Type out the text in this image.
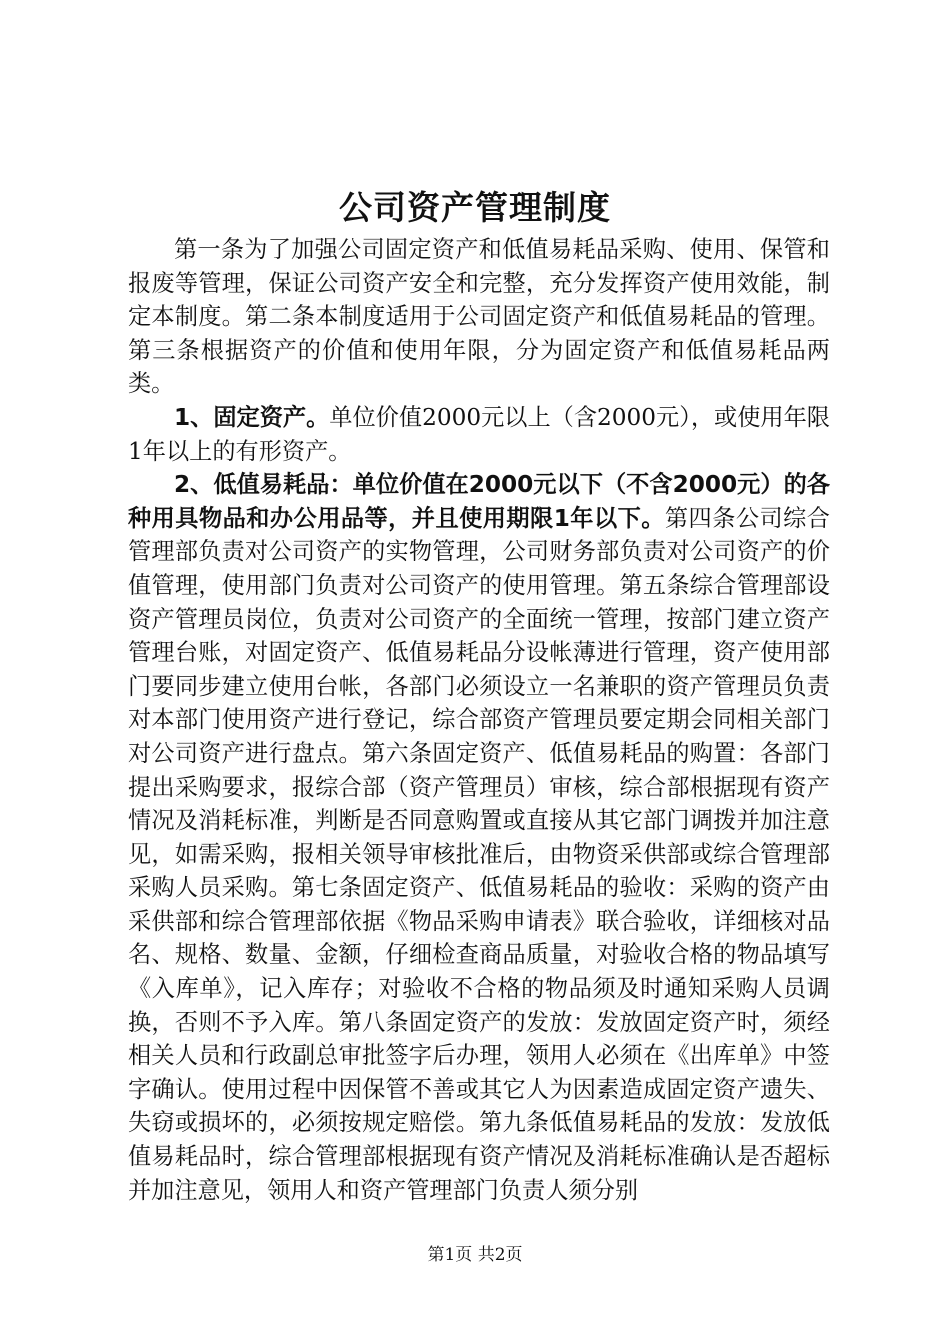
公司资产管理制度

第一条为了加强公司固定资产和低值易耗品采购、使用、保管和报废等管理，保证公司资产安全和完整，充分发挥资产使用效能，制定本制度。第二条本制度适用于公司固定资产和低值易耗品的管理。第三条根据资产的价值和使用年限，分为固定资产和低值易耗品两类。

1、固定资产。单位价值2000元以上（含2000元），或使用年限1年以上的有形资产。

2、低值易耗品：单位价值在2000元以下（不含2000元）的各种用具物品和办公用品等，并且使用期限1年以下。第四条公司综合管理部负责对公司资产的实物管理，公司财务部负责对公司资产的价值管理，使用部门负责对公司资产的使用管理。第五条综合管理部设资产管理员岗位，负责对公司资产的全面统一管理，按部门建立资产管理台账，对固定资产、低值易耗品分设帐薄进行管理，资产使用部门要同步建立使用台帐，各部门必须设立一名兼职的资产管理员负责对本部门使用资产进行登记，综合部资产管理员要定期会同相关部门对公司资产进行盘点。第六条固定资产、低值易耗品的购置：各部门提出采购要求，报综合部（资产管理员）审核，综合部根据现有资产情况及消耗标准，判断是否同意购置或直接从其它部门调拨并加注意见，如需采购，报相关领导审核批准后，由物资采供部或综合管理部采购人员采购。第七条固定资产、低值易耗品的验收：采购的资产由采供部和综合管理部依据《物品采购申请表》联合验收，详细核对品名、规格、数量、金额，仔细检查商品质量，对验收合格的物品填写《入库单》，记入库存；对验收不合格的物品须及时通知采购人员调换，否则不予入库。第八条固定资产的发放：发放固定资产时，须经相关人员和行政副总审批签字后办理，领用人必须在《出库单》中签字确认。使用过程中因保管不善或其它人为因素造成固定资产遗失、失窃或损坏的，必须按规定赔偿。第九条低值易耗品的发放：发放低值易耗品时，综合管理部根据现有资产情况及消耗标准确认是否超标并加注意见，领用人和资产管理部门负责人须分别

第1页 共2页
